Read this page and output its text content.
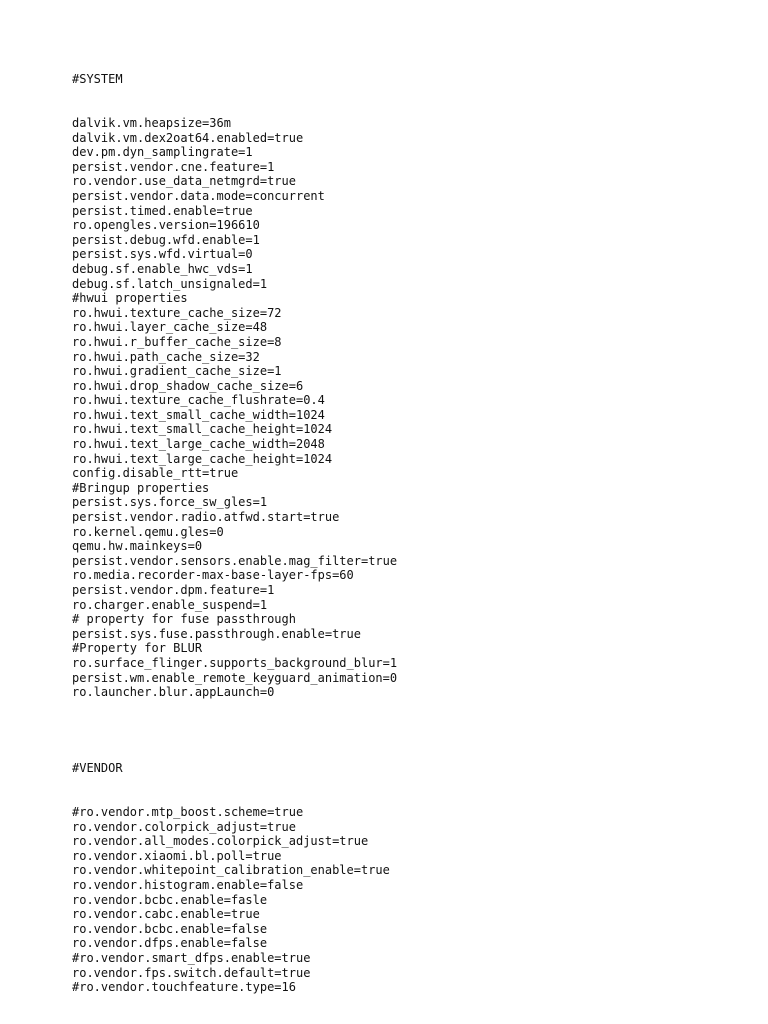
#SYSTEM
dalvik.vm.heapsize=36m
dalvik.vm.dex2oat64.enabled=true
dev.pm.dyn_samplingrate=1
persist.vendor.cne.feature=1
ro.vendor.use_data_netmgrd=true
persist.vendor.data.mode=concurrent
persist.timed.enable=true
ro.opengles.version=196610
persist.debug.wfd.enable=1
persist.sys.wfd.virtual=0
debug.sf.enable_hwc_vds=1
debug.sf.latch_unsignaled=1
#hwui properties
ro.hwui.texture_cache_size=72
ro.hwui.layer_cache_size=48
ro.hwui.r_buffer_cache_size=8
ro.hwui.path_cache_size=32
ro.hwui.gradient_cache_size=1
ro.hwui.drop_shadow_cache_size=6
ro.hwui.texture_cache_flushrate=0.4
ro.hwui.text_small_cache_width=1024
ro.hwui.text_small_cache_height=1024
ro.hwui.text_large_cache_width=2048
ro.hwui.text_large_cache_height=1024
config.disable_rtt=true
#Bringup properties
persist.sys.force_sw_gles=1
persist.vendor.radio.atfwd.start=true
ro.kernel.qemu.gles=0
qemu.hw.mainkeys=0
persist.vendor.sensors.enable.mag_filter=true
ro.media.recorder-max-base-layer-fps=60
persist.vendor.dpm.feature=1
ro.charger.enable_suspend=1
# property for fuse passthrough
persist.sys.fuse.passthrough.enable=true
#Property for BLUR
ro.surface_flinger.supports_background_blur=1
persist.wm.enable_remote_keyguard_animation=0
ro.launcher.blur.appLaunch=0

#VENDOR

#ro.vendor.mtp_boost.scheme=true
ro.vendor.colorpick_adjust=true
ro.vendor.all_modes.colorpick_adjust=true
ro.vendor.xiaomi.bl.poll=true
ro.vendor.whitepoint_calibration_enable=true
ro.vendor.histogram.enable=false
ro.vendor.bcbc.enable=fasle
ro.vendor.cabc.enable=true
ro.vendor.bcbc.enable=false
ro.vendor.dfps.enable=false
#ro.vendor.smart_dfps.enable=true
ro.vendor.fps.switch.default=true
#ro.vendor.touchfeature.type=16
